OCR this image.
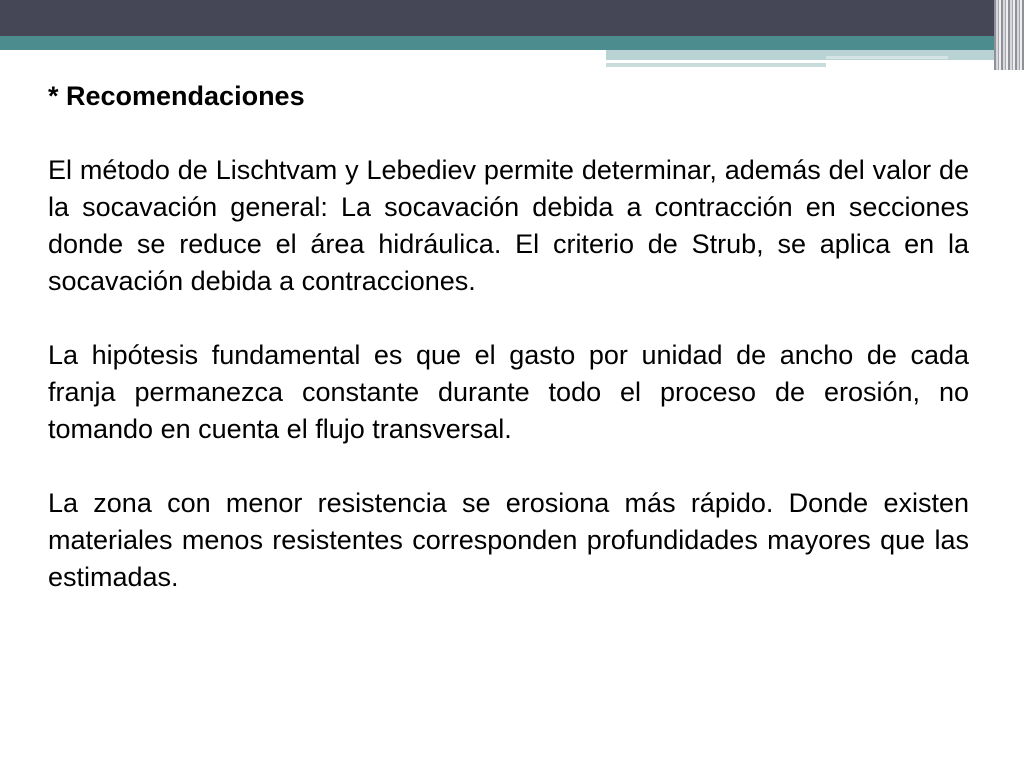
* Recomendaciones

El método de Lischtvam y Lebediev permite determinar, además del valor de la socavación general: La socavación debida a contracción en secciones donde se reduce el área hidráulica. El criterio de Strub, se aplica en la socavación debida a contracciones.

La hipótesis fundamental es que el gasto por unidad de ancho de cada franja permanezca constante durante todo el proceso de erosión, no tomando en cuenta el flujo transversal.

La zona con menor resistencia se erosiona más rápido. Donde existen materiales menos resistentes corresponden profundidades mayores que las estimadas.
